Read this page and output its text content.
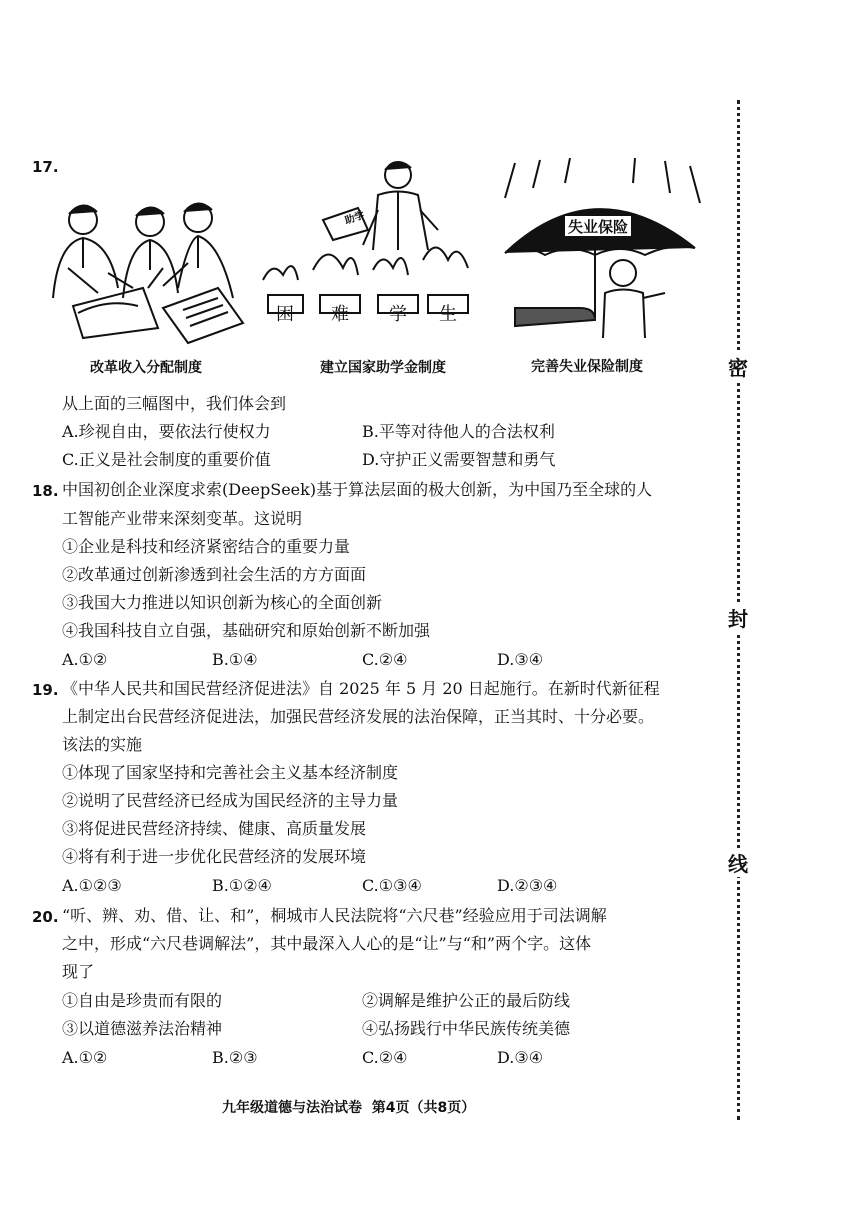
密
封
线
17.
助学
困 难 学 生
失业保险
改革收入分配制度	建立国家助学金制度	完善失业保险制度
从上面的三幅图中，我们体会到
A.珍视自由，要依法行使权力	B.平等对待他人的合法权利
C.正义是社会制度的重要价值	D.守护正义需要智慧和勇气
18. 中国初创企业深度求索(DeepSeek)基于算法层面的极大创新，为中国乃至全球的人
工智能产业带来深刻变革。这说明
①企业是科技和经济紧密结合的重要力量
②改革通过创新渗透到社会生活的方方面面
③我国大力推进以知识创新为核心的全面创新
④我国科技自立自强，基础研究和原始创新不断加强
A.①②	B.①④	C.②④	D.③④
19. 《中华人民共和国民营经济促进法》自 2025 年 5 月 20 日起施行。在新时代新征程
上制定出台民营经济促进法，加强民营经济发展的法治保障，正当其时、十分必要。
该法的实施
①体现了国家坚持和完善社会主义基本经济制度
②说明了民营经济已经成为国民经济的主导力量
③将促进民营经济持续、健康、高质量发展
④将有利于进一步优化民营经济的发展环境
A.①②③	B.①②④	C.①③④	D.②③④
20. “听、辨、劝、借、让、和”，桐城市人民法院将“六尺巷”经验应用于司法调解
之中，形成“六尺巷调解法”，其中最深入人心的是“让”与“和”两个字。这体
现了
①自由是珍贵而有限的	②调解是维护公正的最后防线
③以道德滋养法治精神	④弘扬践行中华民族传统美德
A.①②	B.②③	C.②④	D.③④
九年级道德与法治试卷  第4页（共8页）
